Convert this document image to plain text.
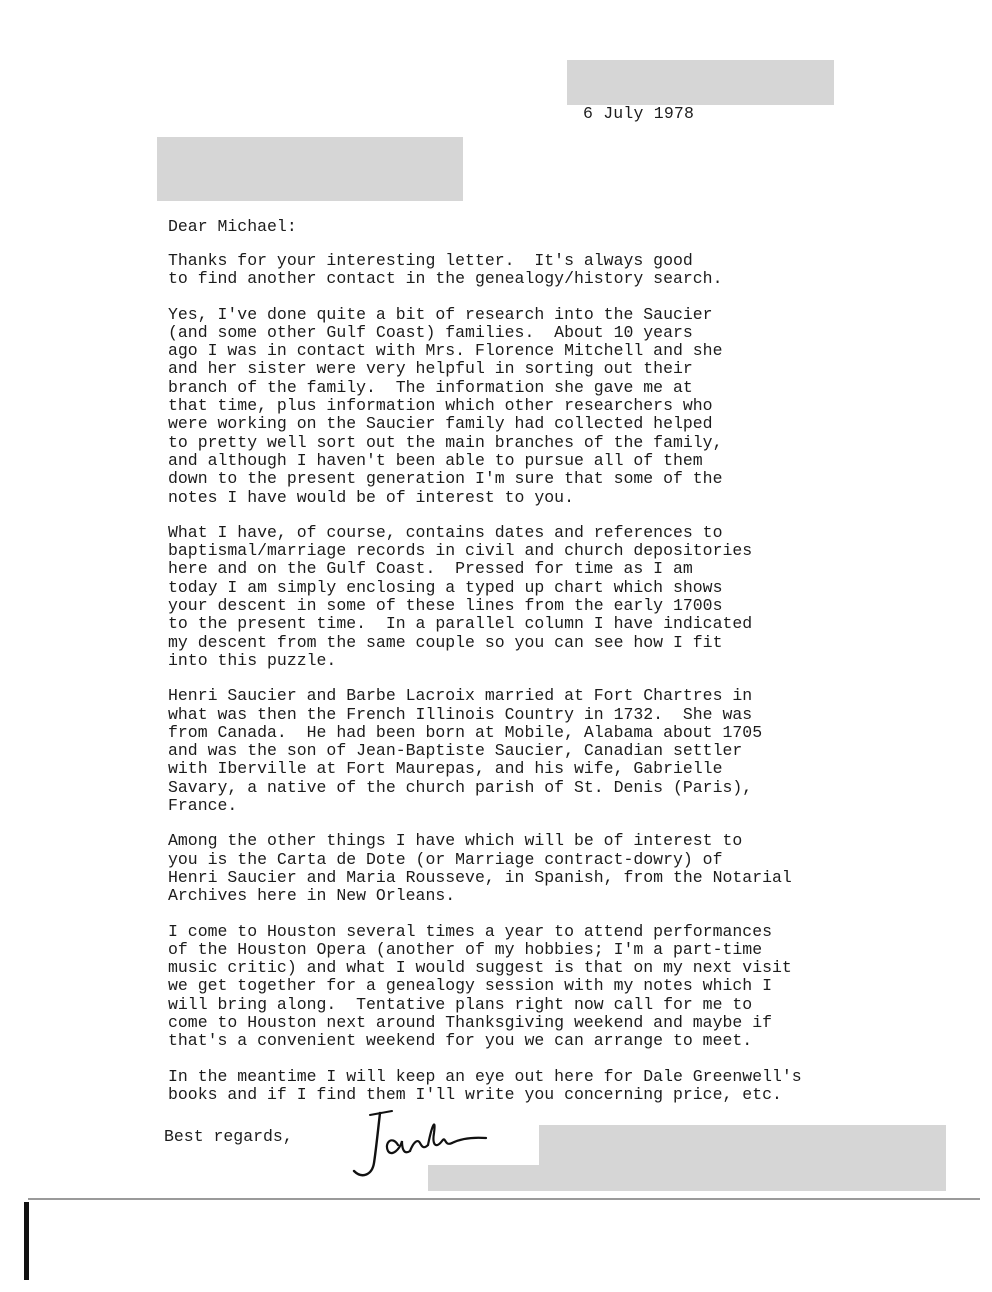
6 July 1978
Dear Michael:
Thanks for your interesting letter.  It's always good
to find another contact in the genealogy/history search.
Yes, I've done quite a bit of research into the Saucier
(and some other Gulf Coast) families.  About 10 years
ago I was in contact with Mrs. Florence Mitchell and she
and her sister were very helpful in sorting out their
branch of the family.  The information she gave me at
that time, plus information which other researchers who
were working on the Saucier family had collected helped
to pretty well sort out the main branches of the family,
and although I haven't been able to pursue all of them
down to the present generation I'm sure that some of the
notes I have would be of interest to you.
What I have, of course, contains dates and references to
baptismal/marriage records in civil and church depositories
here and on the Gulf Coast.  Pressed for time as I am
today I am simply enclosing a typed up chart which shows
your descent in some of these lines from the early 1700s
to the present time.  In a parallel column I have indicated
my descent from the same couple so you can see how I fit
into this puzzle.
Henri Saucier and Barbe Lacroix married at Fort Chartres in
what was then the French Illinois Country in 1732.  She was
from Canada.  He had been born at Mobile, Alabama about 1705
and was the son of Jean-Baptiste Saucier, Canadian settler
with Iberville at Fort Maurepas, and his wife, Gabrielle
Savary, a native of the church parish of St. Denis (Paris),
France.
Among the other things I have which will be of interest to
you is the Carta de Dote (or Marriage contract-dowry) of
Henri Saucier and Maria Rousseve, in Spanish, from the Notarial
Archives here in New Orleans.
I come to Houston several times a year to attend performances
of the Houston Opera (another of my hobbies; I'm a part-time
music critic) and what I would suggest is that on my next visit
we get together for a genealogy session with my notes which I
will bring along.  Tentative plans right now call for me to
come to Houston next around Thanksgiving weekend and maybe if
that's a convenient weekend for you we can arrange to meet.
In the meantime I will keep an eye out here for Dale Greenwell's
books and if I find them I'll write you concerning price, etc.
Best regards,
